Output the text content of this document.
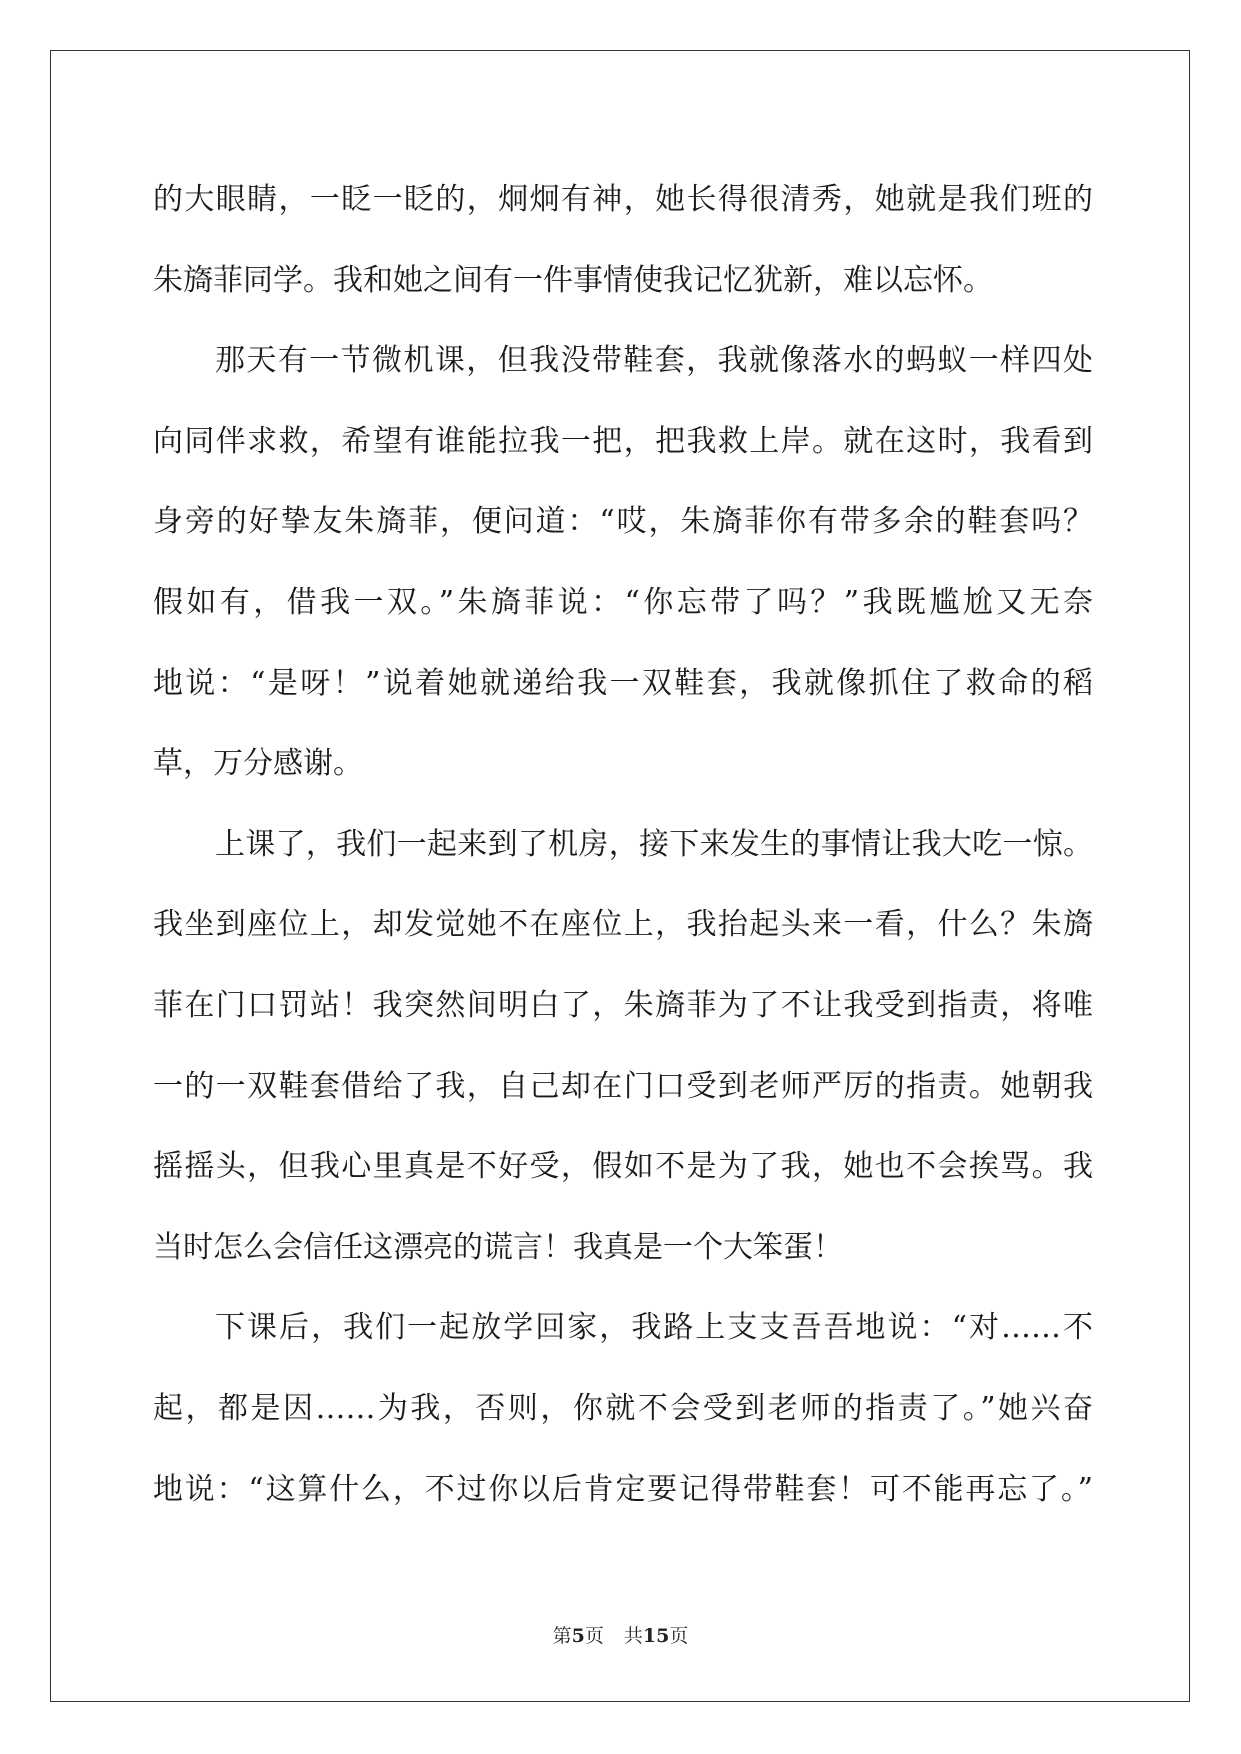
的大眼睛，一眨一眨的，炯炯有神，她长得很清秀，她就是我们班的
朱旖菲同学。我和她之间有一件事情使我记忆犹新，难以忘怀。
那天有一节微机课，但我没带鞋套，我就像落水的蚂蚁一样四处
向同伴求救，希望有谁能拉我一把，把我救上岸。就在这时，我看到
身旁的好挚友朱旖菲，便问道：“哎，朱旖菲你有带多余的鞋套吗？
假如有，借我一双。”朱旖菲说：“你忘带了吗？”我既尴尬又无奈
地说：“是呀！”说着她就递给我一双鞋套，我就像抓住了救命的稻
草，万分感谢。
上课了，我们一起来到了机房，接下来发生的事情让我大吃一惊。
我坐到座位上，却发觉她不在座位上，我抬起头来一看，什么？朱旖
菲在门口罚站！我突然间明白了，朱旖菲为了不让我受到指责，将唯
一的一双鞋套借给了我，自己却在门口受到老师严厉的指责。她朝我
摇摇头，但我心里真是不好受，假如不是为了我，她也不会挨骂。我
当时怎么会信任这漂亮的谎言！我真是一个大笨蛋！
下课后，我们一起放学回家，我路上支支吾吾地说：“对……不
起，都是因……为我，否则，你就不会受到老师的指责了。”她兴奋
地说：“这算什么，不过你以后肯定要记得带鞋套！可不能再忘了。”
第5页 共15页
